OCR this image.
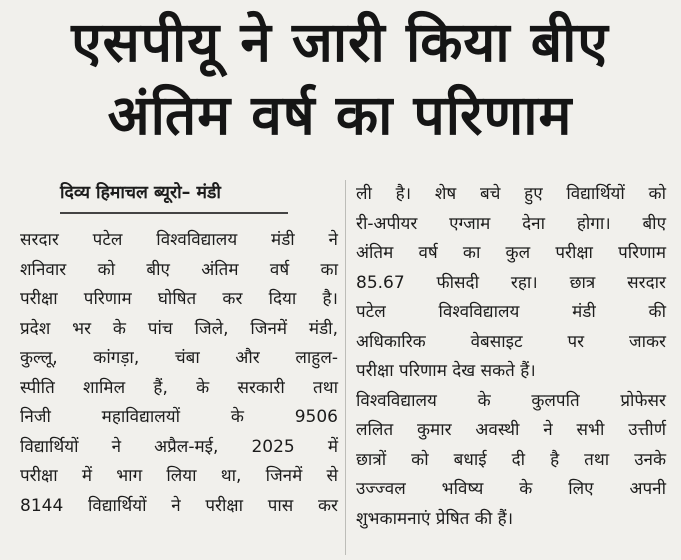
एसपीयू ने जारी किया बीए
अंतिम वर्ष का परिणाम
दिव्य हिमाचल ब्यूरो– मंडी
सरदार पटेल विश्वविद्यालय मंडी ने
शनिवार को बीए अंतिम वर्ष का
परीक्षा परिणाम घोषित कर दिया है।
प्रदेश भर के पांच जिले, जिनमें मंडी,
कुल्लू, कांगड़ा, चंबा और लाहुल-
स्पीति शामिल हैं, के सरकारी तथा
निजी महाविद्यालयों के 9506
विद्यार्थियों ने अप्रैल-मई, 2025 में
परीक्षा में भाग लिया था, जिनमें से
8144 विद्यार्थियों ने परीक्षा पास कर
ली है। शेष बचे हुए विद्यार्थियों को
री-अपीयर एग्जाम देना होगा। बीए
अंतिम वर्ष का कुल परीक्षा परिणाम
85.67 फीसदी रहा। छात्र सरदार
पटेल विश्वविद्यालय मंडी की
अधिकारिक वेबसाइट पर जाकर
परीक्षा परिणाम देख सकते हैं।
विश्वविद्यालय के कुलपति प्रोफेसर
ललित कुमार अवस्थी ने सभी उत्तीर्ण
छात्रों को बधाई दी है तथा उनके
उज्ज्वल भविष्य के लिए अपनी
शुभकामनाएं प्रेषित की हैं।
